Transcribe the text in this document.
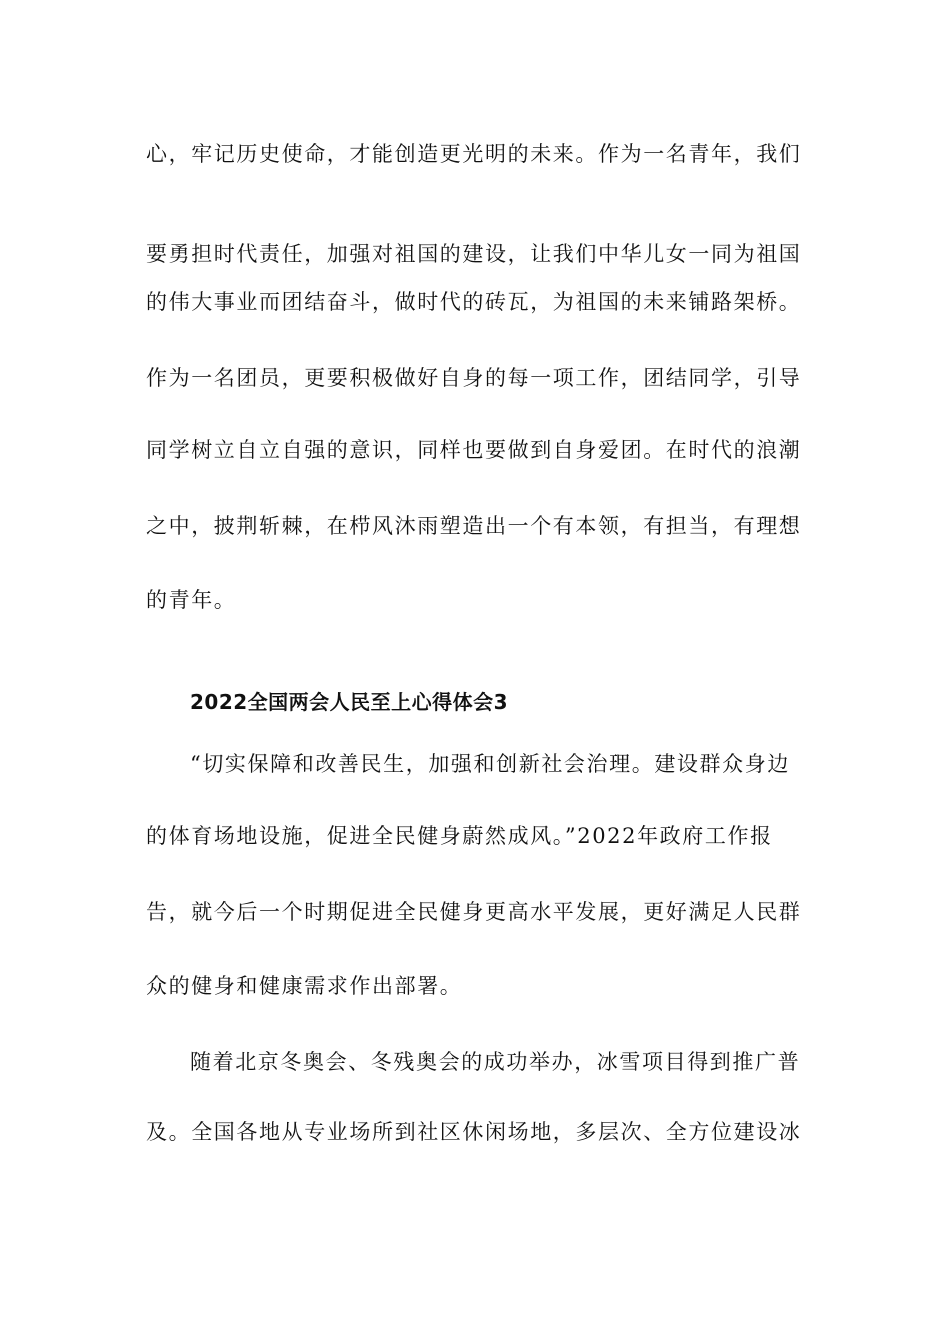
心，牢记历史使命，才能创造更光明的未来。作为一名青年，我们
要勇担时代责任，加强对祖国的建设，让我们中华儿女一同为祖国
的伟大事业而团结奋斗，做时代的砖瓦，为祖国的未来铺路架桥。
作为一名团员，更要积极做好自身的每一项工作，团结同学，引导
同学树立自立自强的意识，同样也要做到自身爱团。在时代的浪潮
之中，披荆斩棘，在栉风沐雨塑造出一个有本领，有担当，有理想
的青年。
2022全国两会人民至上心得体会3
“切实保障和改善民生，加强和创新社会治理。建设群众身边
的体育场地设施，促进全民健身蔚然成风。”2022年政府工作报
告，就今后一个时期促进全民健身更高水平发展，更好满足人民群
众的健身和健康需求作出部署。
随着北京冬奥会、冬残奥会的成功举办，冰雪项目得到推广普
及。全国各地从专业场所到社区休闲场地，多层次、全方位建设冰
